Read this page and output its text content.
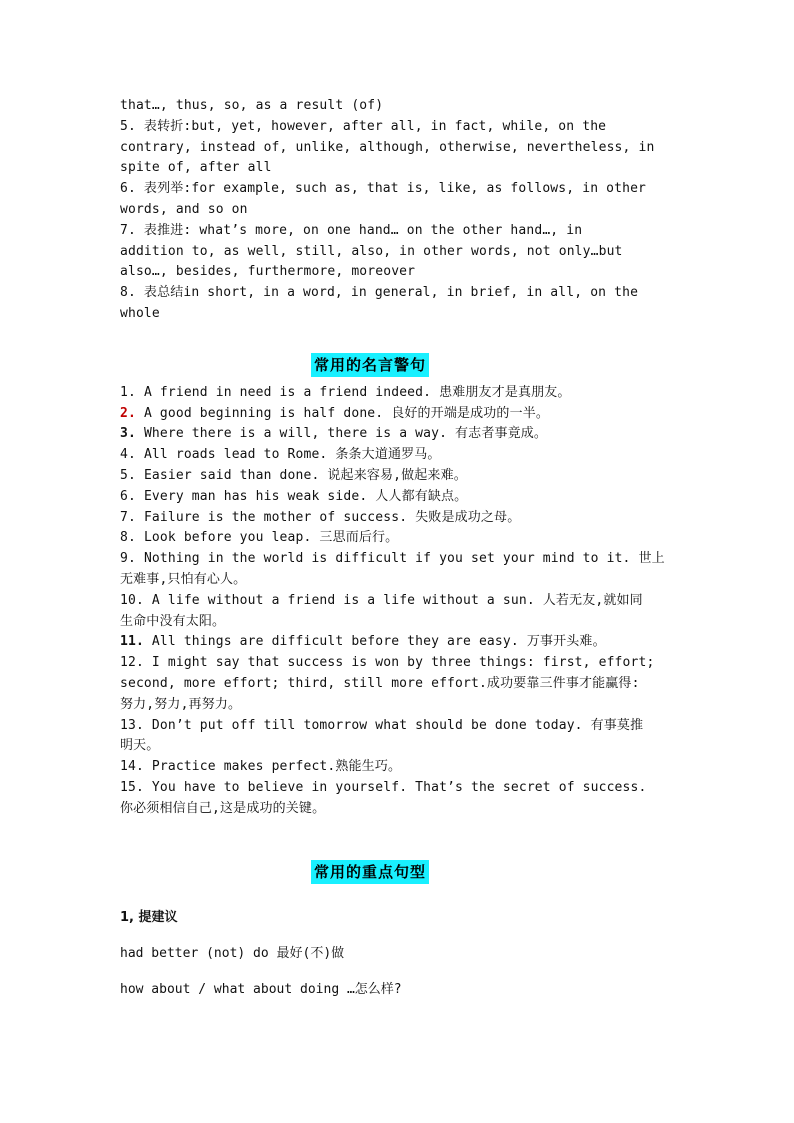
that…, thus, so, as a result (of)
5. 表转折:but, yet, however, after all, in fact, while, on the
contrary, instead of, unlike, although, otherwise, nevertheless, in
spite of, after all
6. 表列举:for example, such as, that is, like, as follows, in other
words, and so on
7. 表推进: what’s more, on one hand… on the other hand…, in
addition to, as well, still, also, in other words, not only…but
also…, besides, furthermore, moreover
8. 表总结in short, in a word, in general, in brief, in all, on the
whole
常用的名言警句
1. A friend in need is a friend indeed. 患难朋友才是真朋友。
2. A good beginning is half done. 良好的开端是成功的一半。
3. Where there is a will, there is a way. 有志者事竟成。
4. All roads lead to Rome. 条条大道通罗马。
5. Easier said than done. 说起来容易,做起来难。
6. Every man has his weak side. 人人都有缺点。
7. Failure is the mother of success. 失败是成功之母。
8. Look before you leap. 三思而后行。
9. Nothing in the world is difficult if you set your mind to it. 世上
无难事,只怕有心人。
10. A life without a friend is a life without a sun. 人若无友,就如同
生命中没有太阳。
11. All things are difficult before they are easy. 万事开头难。
12. I might say that success is won by three things: first, effort;
second, more effort; third, still more effort.成功要靠三件事才能赢得:
努力,努力,再努力。
13. Don’t put off till tomorrow what should be done today. 有事莫推
明天。
14. Practice makes perfect.熟能生巧。
15. You have to believe in yourself. That’s the secret of success.
你必须相信自己,这是成功的关键。
常用的重点句型
1, 提建议
had better (not) do 最好(不)做
how about / what about doing …怎么样?
